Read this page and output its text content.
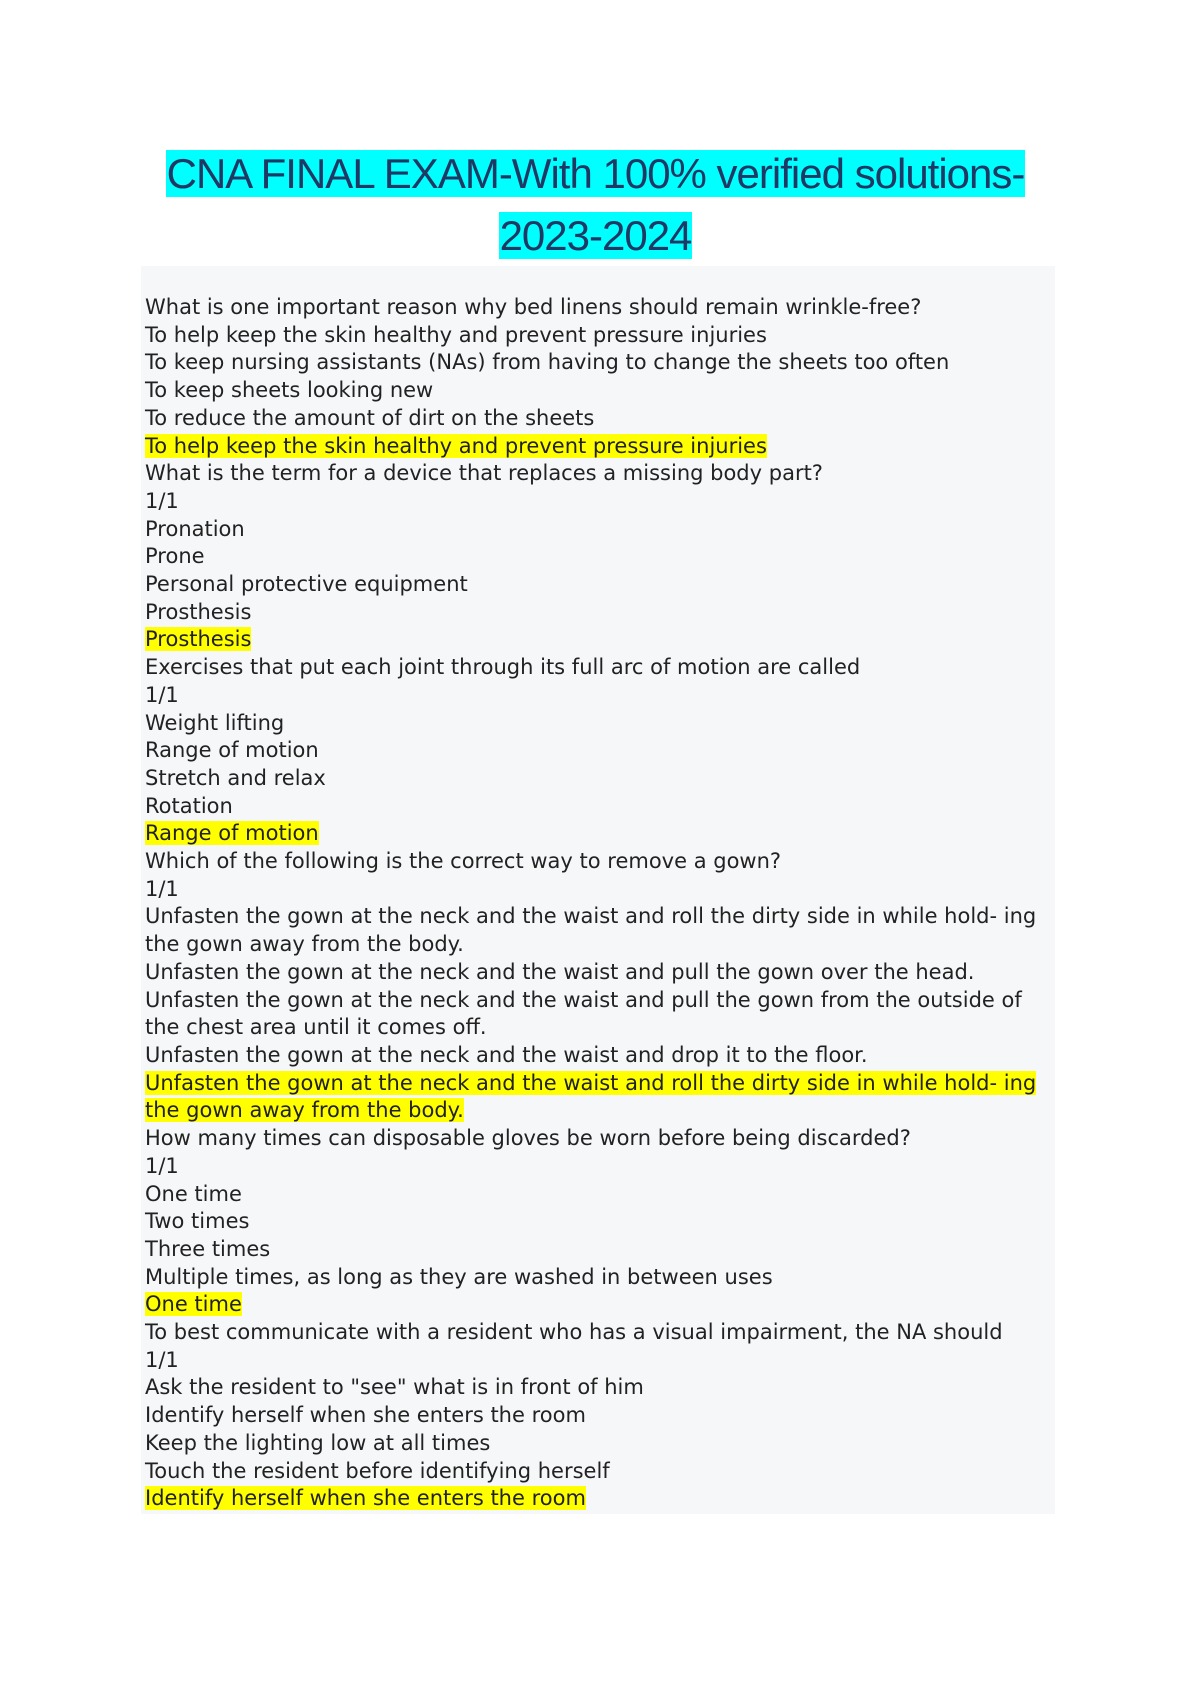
CNA FINAL EXAM-With 100% verified solutions-
2023-2024
What is one important reason why bed linens should remain wrinkle-free?
To help keep the skin healthy and prevent pressure injuries
To keep nursing assistants (NAs) from having to change the sheets too often
To keep sheets looking new
To reduce the amount of dirt on the sheets
To help keep the skin healthy and prevent pressure injuries
What is the term for a device that replaces a missing body part?
1/1
Pronation
Prone
Personal protective equipment
Prosthesis
Prosthesis
Exercises that put each joint through its full arc of motion are called
1/1
Weight lifting
Range of motion
Stretch and relax
Rotation
Range of motion
Which of the following is the correct way to remove a gown?
1/1
Unfasten the gown at the neck and the waist and roll the dirty side in while hold- ing
the gown away from the body.
Unfasten the gown at the neck and the waist and pull the gown over the head.
Unfasten the gown at the neck and the waist and pull the gown from the outside of
the chest area until it comes off.
Unfasten the gown at the neck and the waist and drop it to the floor.
Unfasten the gown at the neck and the waist and roll the dirty side in while hold- ing
the gown away from the body.
How many times can disposable gloves be worn before being discarded?
1/1
One time
Two times
Three times
Multiple times, as long as they are washed in between uses
One time
To best communicate with a resident who has a visual impairment, the NA should
1/1
Ask the resident to "see" what is in front of him
Identify herself when she enters the room
Keep the lighting low at all times
Touch the resident before identifying herself
Identify herself when she enters the room
